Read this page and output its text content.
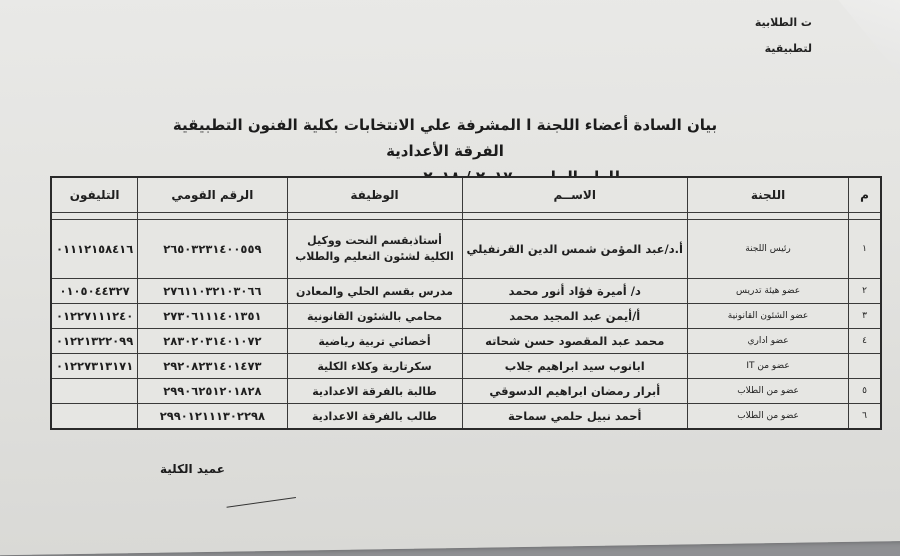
ت الطلابية
لتطبيقية
بيان السادة أعضاء اللجنة ا المشرفة علي الانتخابات بكلية الفنون التطبيقية الفرقة الأعدادية
م	اللجنة	الاســم	الوظيفة	الرقم القومي	التليفون

١	رئيس اللجنة	أ.د/عبد المؤمن شمس الدين القرنفيلي	أستاذبقسم النحت ووكيل الكلية لشئون التعليم والطلاب	٢٦٥٠٣٢٣١٤٠٠٥٥٩	٠١١١٢١٥٨٤١٦
٢	عضو هيئة تدريس	د/ أميرة فؤاد أنور محمد	مدرس بقسم الحلي والمعادن	٢٧٦١١٠٣٢١٠٣٠٦٦	٠١٠٥٠٤٤٣٢٧
٣	عضو الشئون القانونية	أ/أيمن عبد المجيد محمد	محامي بالشئون القانونية	٢٧٣٠٦١١١٤٠١٣٥١	٠١٢٢٧١١١٢٤٠
٤	عضو اداري	محمد عبد المقصود حسن شحاته	أخصائي تربية رياضية	٢٨٣٠٢٠٣١٤٠١٠٧٢	٠١٢٢١٣٢٢٠٩٩
	عضو من IT	ابانوب سيد ابراهيم جلاب	سكرتارية وكلاء الكلية	٢٩٢٠٨٢٣١٤٠١٤٧٣	٠١٢٢٧٣١٣١٧١
٥	عضو من الطلاب	أبرار رمضان ابراهيم الدسوقي	طالبة بالفرقة الاعدادية	٢٩٩٠٦٢٥١٢٠١٨٢٨	
٦	عضو من الطلاب	أحمد نبيل حلمي سماحة	طالب بالفرقة الاعدادية	٢٩٩٠١٢١١١٣٠٢٢٩٨	
عميد الكلية
